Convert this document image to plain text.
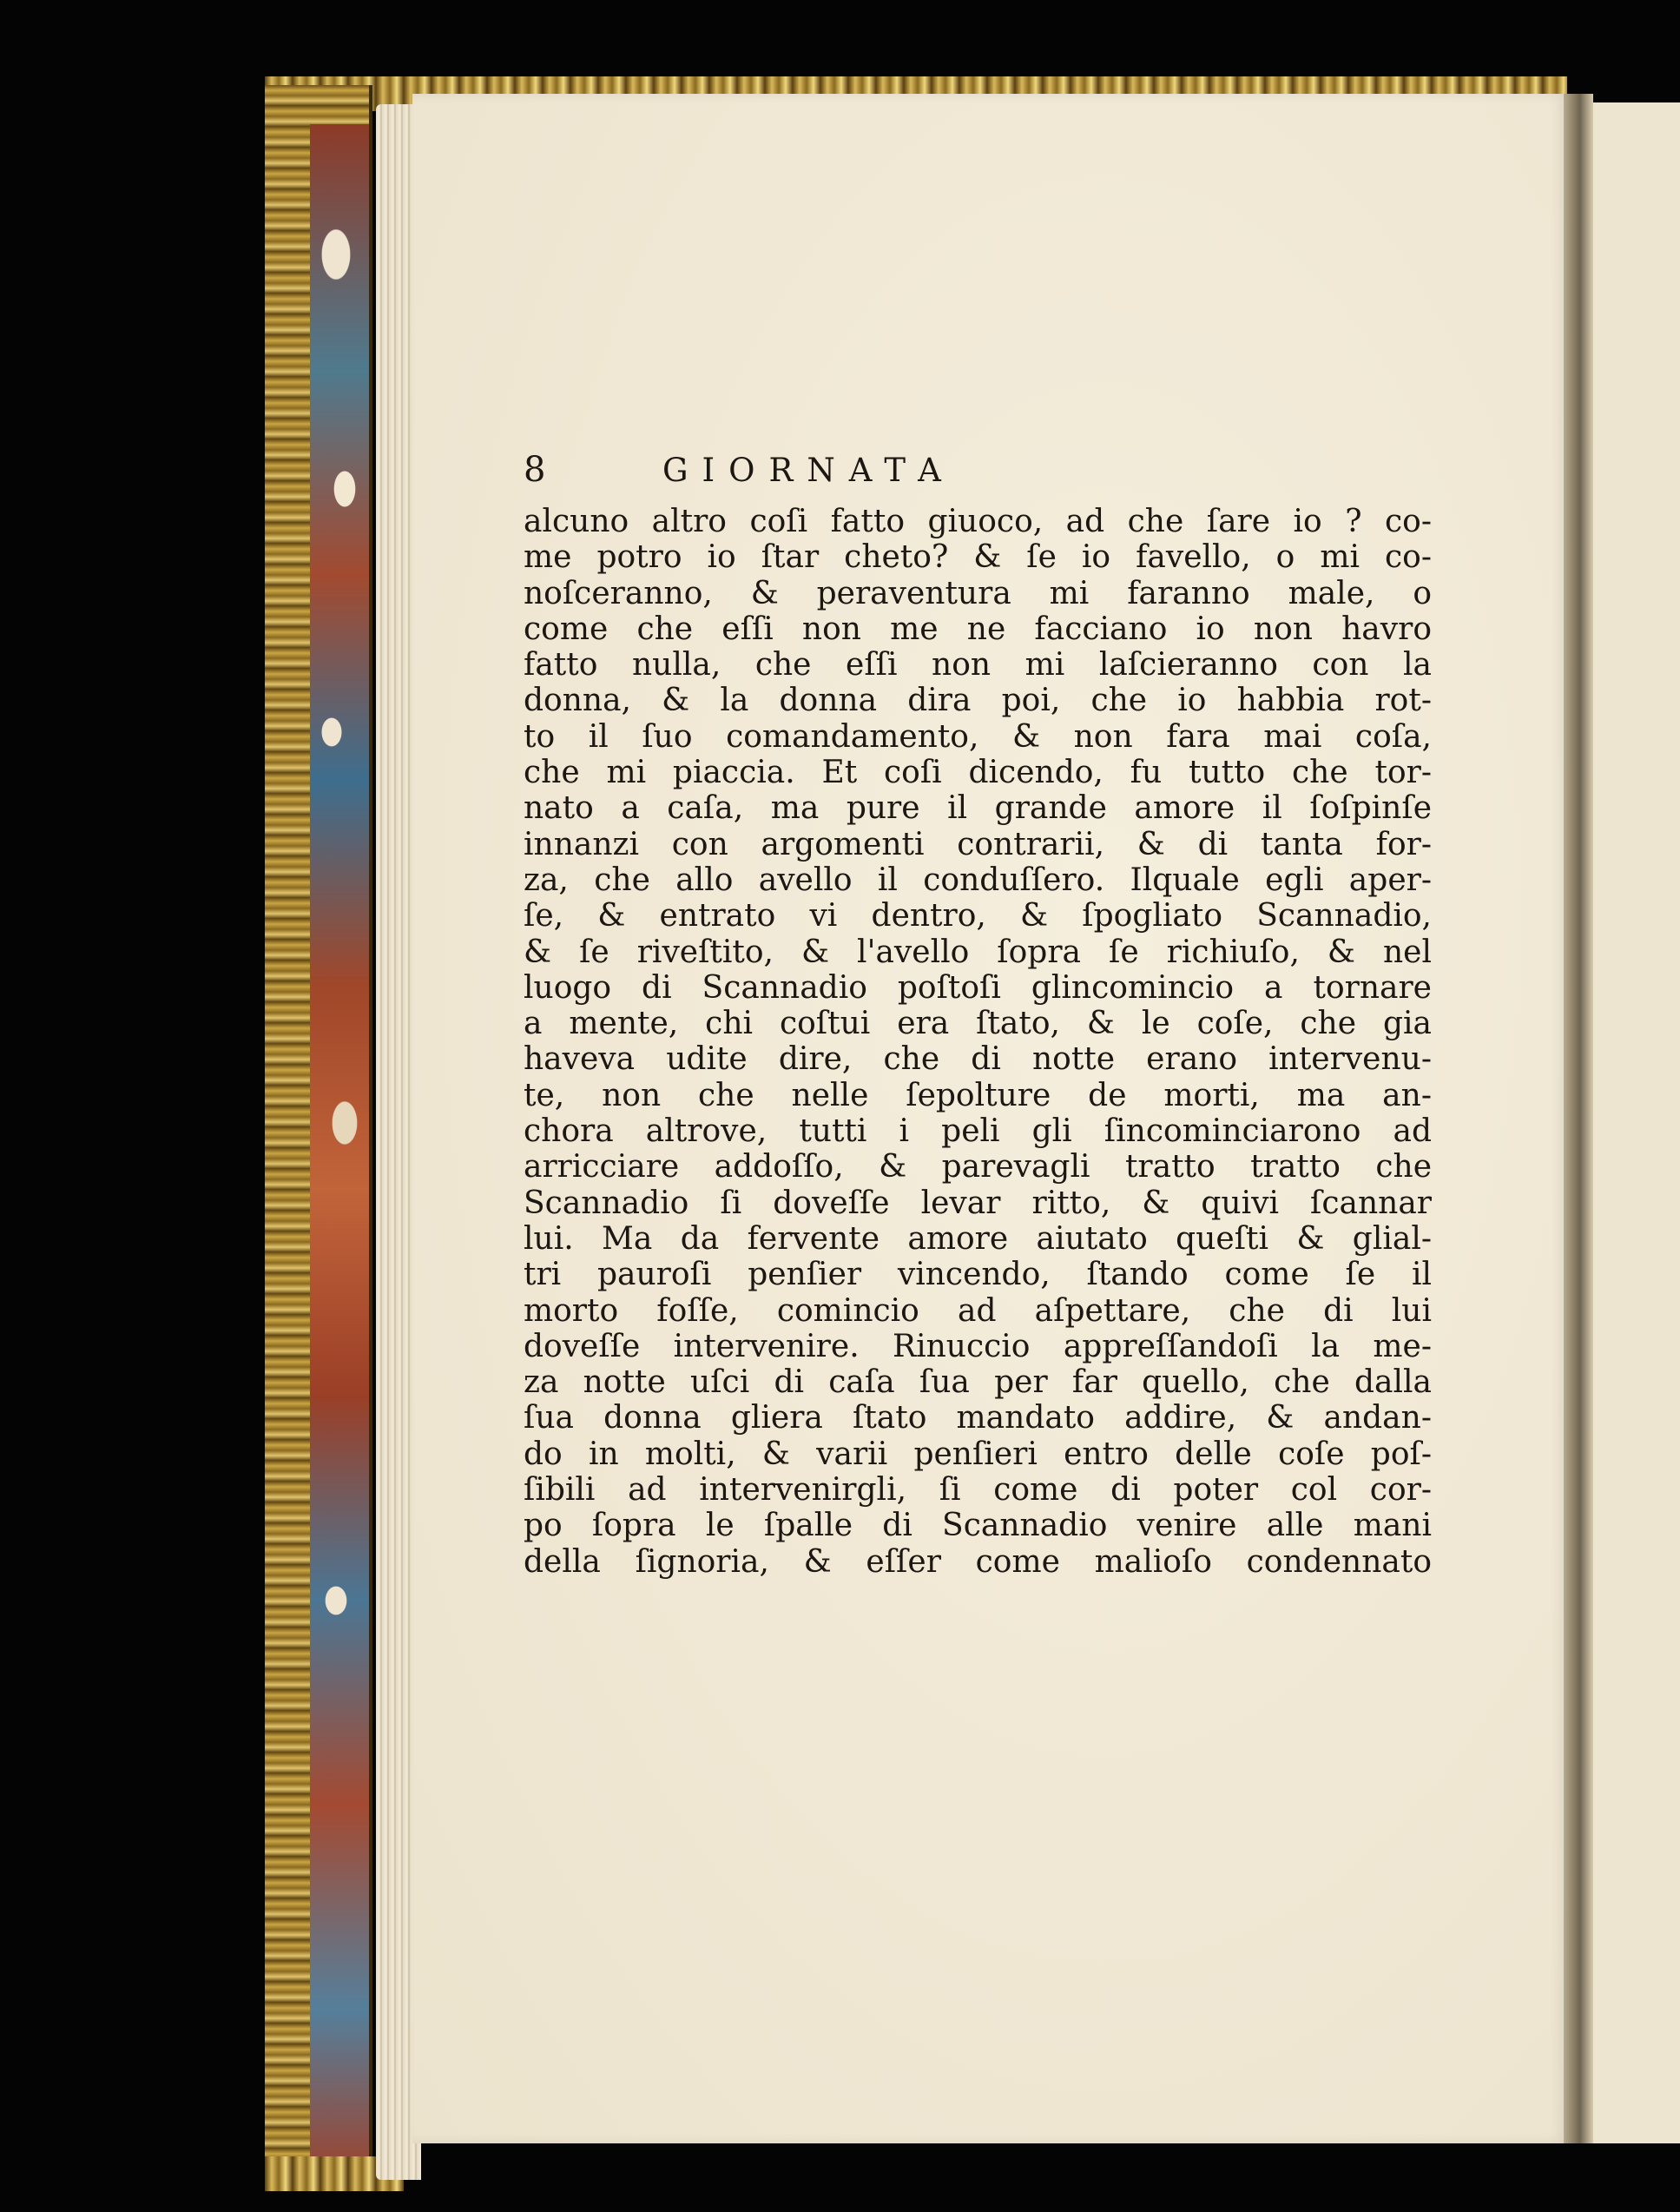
8	GIORNATA
alcuno altro coſi fatto giuoco, ad che ſare io ? co-
me potro io ſtar cheto? & ſe io favello, o mi co-
noſceranno, & peraventura mi faranno male, o
come che eſſi non me ne facciano io non havro
fatto nulla, che eſſi non mi laſcieranno con la
donna, & la donna dira poi, che io habbia rot-
to il ſuo comandamento, & non fara mai coſa,
che mi piaccia. Et coſi dicendo, fu tutto che tor-
nato a caſa, ma pure il grande amore il ſoſpinſe
innanzi con argomenti contrarii, & di tanta for-
za, che allo avello il conduſſero. Ilquale egli aper-
ſe, & entrato vi dentro, & ſpogliato Scannadio,
& ſe riveſtito, & l'avello ſopra ſe richiuſo, & nel
luogo di Scannadio poſtoſi glincomincio a tornare
a mente, chi coſtui era ſtato, & le coſe, che gia
haveva udite dire, che di notte erano intervenu-
te, non che nelle ſepolture de morti, ma an-
chora altrove, tutti i peli gli ſincominciarono ad
arricciare addoſſo, & parevagli tratto tratto che
Scannadio ſi doveſſe levar ritto, & quivi ſcannar
lui. Ma da fervente amore aiutato queſti & glial-
tri pauroſi penſier vincendo, ſtando come ſe il
morto foſſe, comincio ad aſpettare, che di lui
doveſſe intervenire. Rinuccio appreſſandoſi la me-
za notte uſci di caſa ſua per far quello, che dalla
ſua donna gliera ſtato mandato addire, & andan-
do in molti, & varii penſieri entro delle coſe poſ-
ſibili ad intervenirgli, ſi come di poter col cor-
po ſopra le ſpalle di Scannadio venire alle mani
della ſignoria, & eſſer come malioſo condennato
